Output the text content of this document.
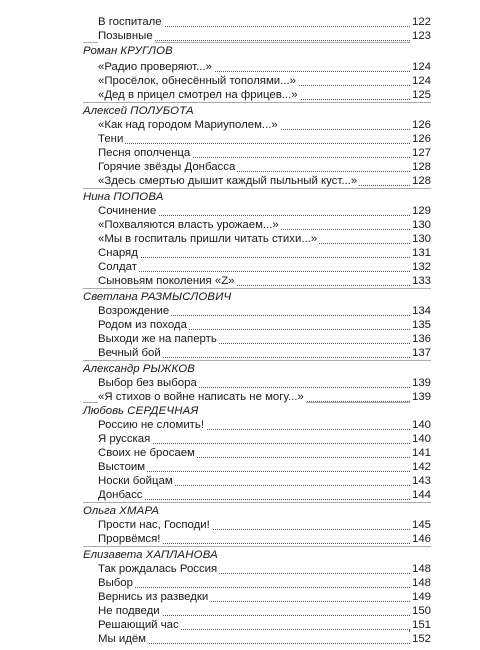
В госпитале	122
Позывные	123
Роман КРУГЛОВ
«Радио проверяют...»	124
«Просёлок, обнесённый тополями...»	124
«Дед в прицел смотрел на фрицев...»	125
Алексей ПОЛУБОТА
«Как над городом Мариуполем...»	126
Тени	126
Песня ополченца	127
Горячие звёзды Донбасса	128
«Здесь смертью дышит каждый пыльный куст...»	128
Нина ПОПОВА
Сочинение	129
«Похваляются власть урожаем...»	130
«Мы в госпиталь пришли читать стихи...»	130
Снаряд	131
Солдат	132
Сыновьям поколения «Z»	133
Светлана РАЗМЫСЛОВИЧ
Возрождение	134
Родом из похода	135
Выходи же на паперть	136
Вечный бой	137
Александр РЫЖКОВ
Выбор без выбора	139
«Я стихов о войне написать не могу...»	139
Любовь СЕРДЕЧНАЯ
Россию не сломить!	140
Я русская	140
Своих не бросаем	141
Выстоим	142
Носки бойцам	143
Донбасс	144
Ольга ХМАРА
Прости нас, Господи!	145
Прорвёмся!	146
Елизавета ХАПЛАНОВА
Так рождалась Россия	148
Выбор	148
Вернись из разведки	149
Не подведи	150
Решающий час	151
Мы идём	152
